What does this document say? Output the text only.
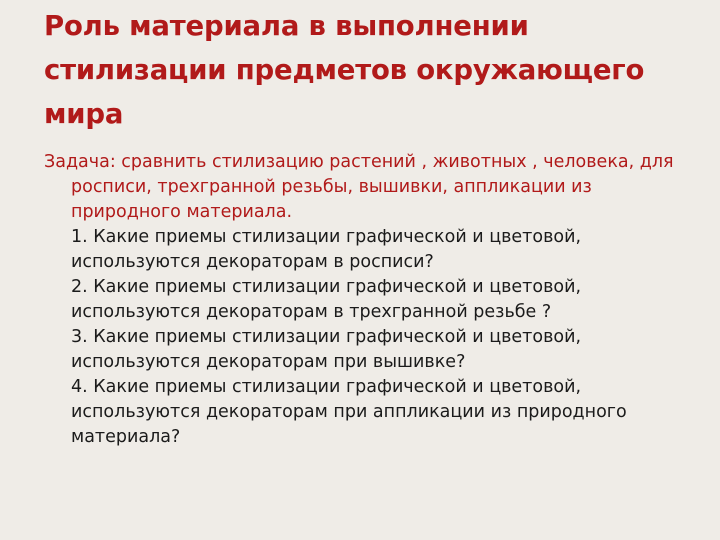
Роль материала в выполнении стилизации предметов окружающего мира

Задача: сравнить стилизацию растений , животных , человека, для росписи, трехгранной резьбы, вышивки, аппликации из природного материала.

1. Какие приемы стилизации графической и цветовой, используются декораторам в росписи?

2. Какие приемы стилизации графической и цветовой, используются декораторам в трехгранной резьбе ?

3. Какие приемы стилизации графической и цветовой, используются декораторам при вышивке?

4. Какие приемы стилизации графической и цветовой, используются декораторам при аппликации из природного материала?
